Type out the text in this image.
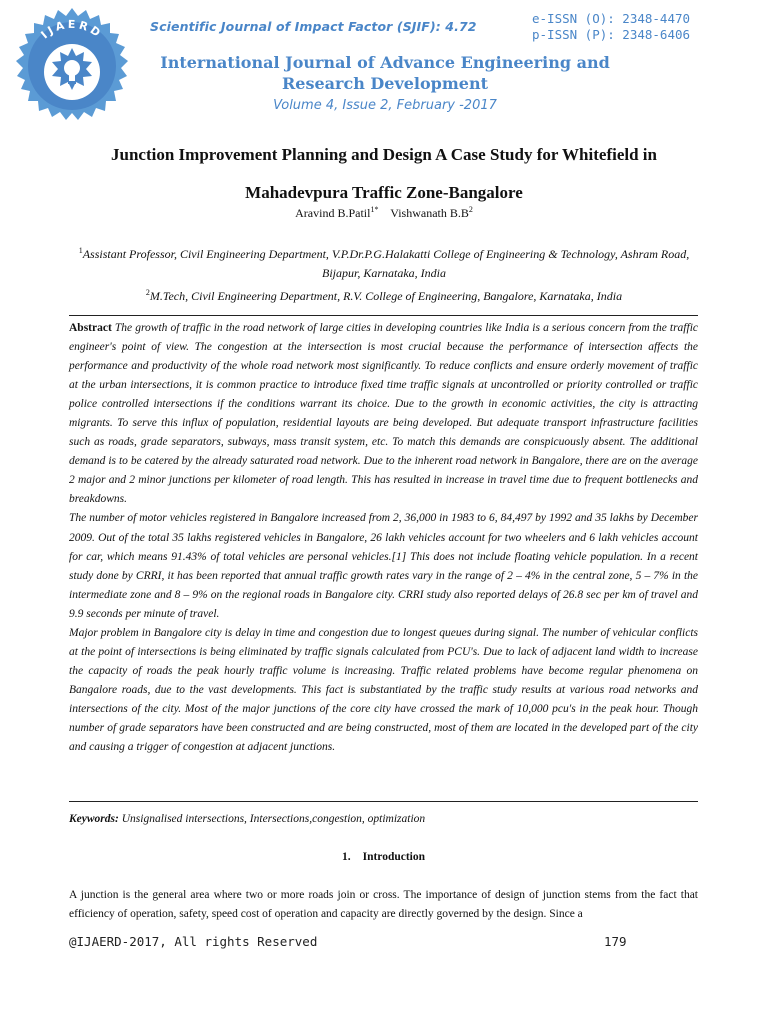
IJAERD	Scientific Journal of Impact Factor (SJIF): 4.72
e-ISSN (O): 2348-4470
p-ISSN (P): 2348-6406
International Journal of Advance Engineering and Research Development
Volume 4, Issue 2, February -2017
Junction Improvement Planning and Design A Case Study for Whitefield in Mahadevpura Traffic Zone-Bangalore
Aravind B.Patil$^{1*}$ Vishwanath $B.B^2$
$^1$Assistant Professor, Civil Engineering Department, V.P.Dr.P.G.Halakatti College of Engineering & Technology, Ashram Road, Bijapur, Karnataka, India
$^2$M.Tech, Civil Engineering Department, R.V. College of Engineering, Bangalore, Karnataka, India

Abstract The growth of traffic in the road network of large cities in developing countries like India is a serious concern from the traffic engineer's point of view. The congestion at the intersection is most crucial because the performance of intersection affects the performance and productivity of the whole road network most significantly. To reduce conflicts and ensure orderly movement of traffic at the urban intersections, it is common practice to introduce fixed time traffic signals at uncontrolled or priority controlled or traffic police controlled intersections if the conditions warrant its choice. Due to the growth in economic activities, the city is attracting migrants. To serve this influx of population, residential layouts are being developed. But adequate transport infrastructure facilities such as roads, grade separators, subways, mass transit system, etc. To match this demands are conspicuously absent. The additional demand is to be catered by the already saturated road network. Due to the inherent road network in Bangalore, there are on the average 2 major and 2 minor junctions per kilometer of road length. This has resulted in increase in travel time due to frequent bottlenecks and breakdowns.

The number of motor vehicles registered in Bangalore increased from 2, 36,000 in 1983 to 6, 84,497 by 1992 and 35 lakhs by December 2009. Out of the total 35 lakhs registered vehicles in Bangalore, 26 lakh vehicles account for two wheelers and 6 lakh vehicles account for car, which means 91.43% of total vehicles are personal vehicles.[1] This does not include floating vehicle population. In a recent study done by CRRI, it has been reported that annual traffic growth rates vary in the range of 2 – 4% in the central zone, 5 – 7% in the intermediate zone and 8 – 9% on the regional roads in Bangalore city. CRRI study also reported delays of 26.8 sec per km of travel and 9.9 seconds per minute of travel.

Major problem in Bangalore city is delay in time and congestion due to longest queues during signal. The number of vehicular conflicts at the point of intersections is being eliminated by traffic signals calculated from PCU's. Due to lack of adjacent land width to increase the capacity of roads the peak hourly traffic volume is increasing. Traffic related problems have become regular phenomena on Bangalore roads, due to the vast developments. This fact is substantiated by the traffic study results at various road networks and intersections of the city. Most of the major junctions of the core city have crossed the mark of 10,000 pcu's in the peak hour. Though number of grade separators have been constructed and are being constructed, most of them are located in the developed part of the city and causing a trigger of congestion at adjacent junctions.

Keywords: Unsignalised intersections, Intersections,congestion, optimization
1. Introduction
A junction is the general area where two or more roads join or cross. The importance of design of junction stems from the fact that efficiency of operation, safety, speed cost of operation and capacity are directly governed by the design. Since a
@IJAERD-2017, All rights Reserved	179
